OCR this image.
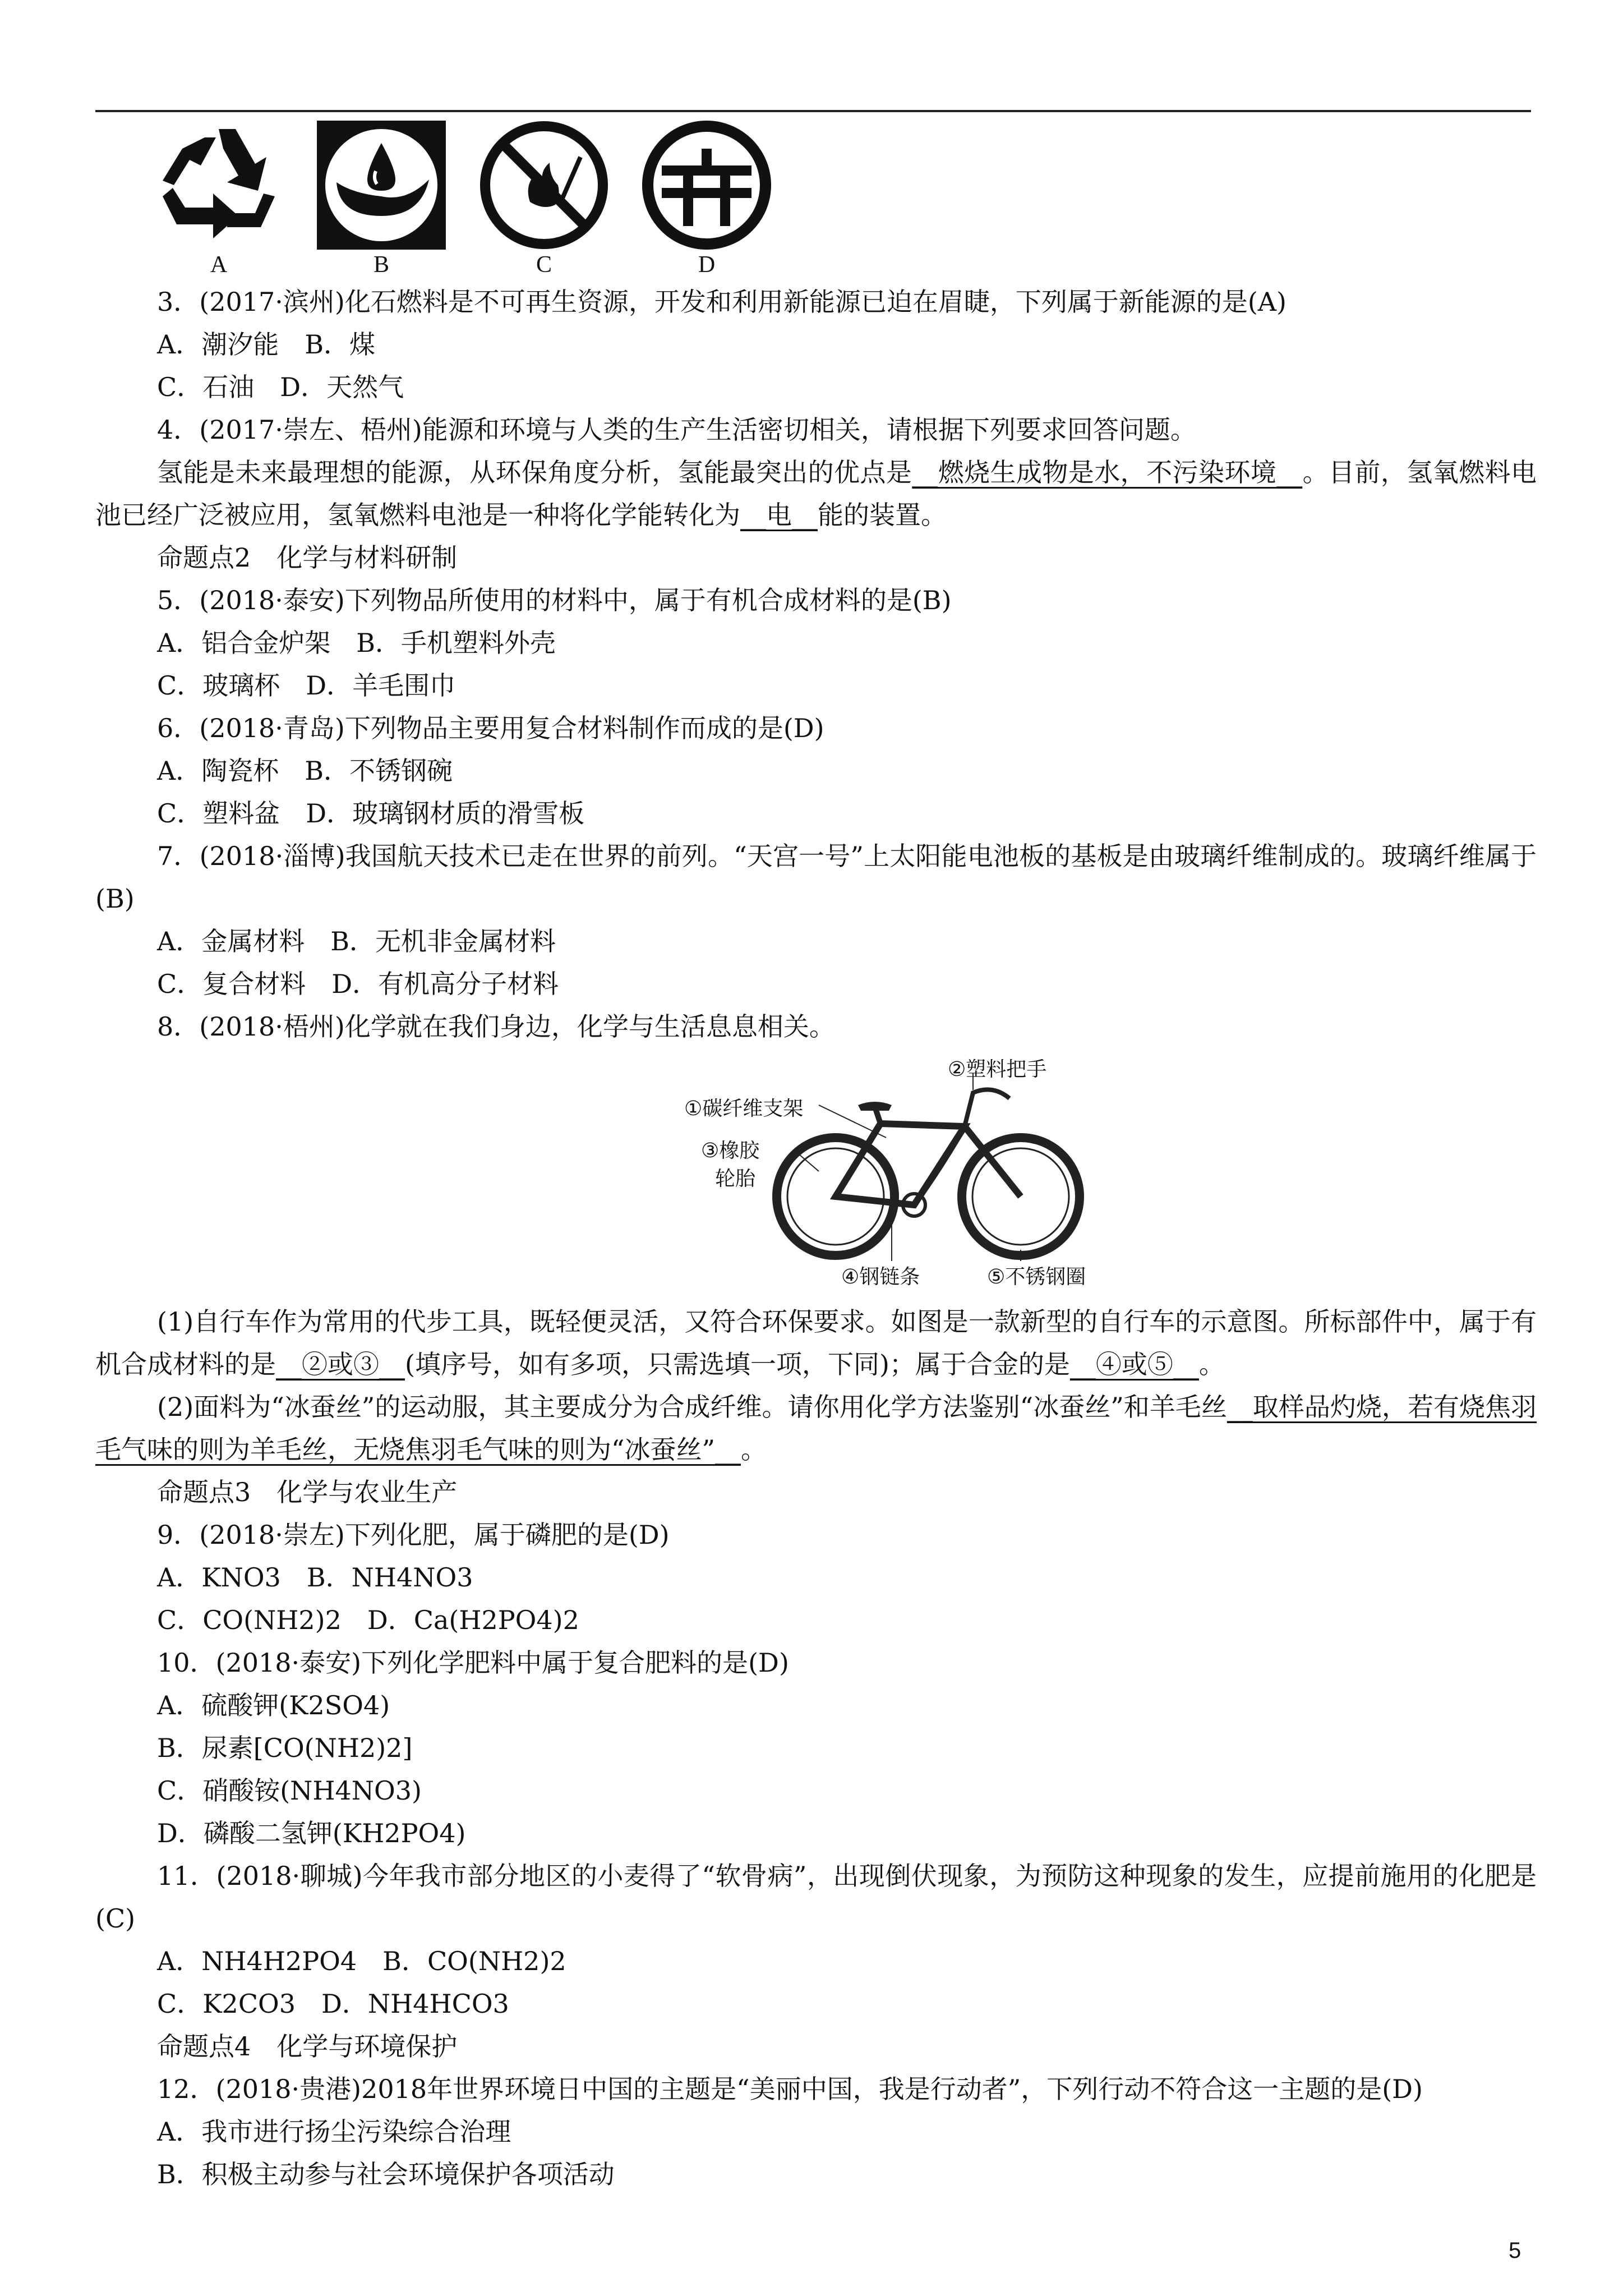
A	B	C	D
3．(2017·滨州)化石燃料是不可再生资源，开发和利用新能源已迫在眉睫，下列属于新能源的是(A)
A．潮汐能　B．煤
C．石油　D．天然气
4．(2017·崇左、梧州)能源和环境与人类的生产生活密切相关，请根据下列要求回答问题。
氢能是未来最理想的能源，从环保角度分析，氢能最突出的优点是__燃烧生成物是水，不污染环境__。目前，氢氧燃料电池已经广泛被应用，氢氧燃料电池是一种将化学能转化为__电__能的装置。
命题点2　化学与材料研制
5．(2018·泰安)下列物品所使用的材料中，属于有机合成材料的是(B)
A．铝合金炉架　B．手机塑料外壳
C．玻璃杯　D．羊毛围巾
6．(2018·青岛)下列物品主要用复合材料制作而成的是(D)
A．陶瓷杯　B．不锈钢碗
C．塑料盆　D．玻璃钢材质的滑雪板
7．(2018·淄博)我国航天技术已走在世界的前列。“天宫一号”上太阳能电池板的基板是由玻璃纤维制成的。玻璃纤维属于(B)
A．金属材料　B．无机非金属材料
C．复合材料　D．有机高分子材料
8．(2018·梧州)化学就在我们身边，化学与生活息息相关。
②塑料把手
①碳纤维支架
③橡胶
轮胎
④钢链条	⑤不锈钢圈
(1)自行车作为常用的代步工具，既轻便灵活，又符合环保要求。如图是一款新型的自行车的示意图。所标部件中，属于有机合成材料的是__②或③__(填序号，如有多项，只需选填一项，下同)；属于合金的是__④或⑤__。
(2)面料为“冰蚕丝”的运动服，其主要成分为合成纤维。请你用化学方法鉴别“冰蚕丝”和羊毛丝__取样品灼烧，若有烧焦羽毛气味的则为羊毛丝，无烧焦羽毛气味的则为“冰蚕丝”__。
命题点3　化学与农业生产
9．(2018·崇左)下列化肥，属于磷肥的是(D)
A．KNO3　B．NH4NO3
C．CO(NH2)2　D．Ca(H2PO4)2
10．(2018·泰安)下列化学肥料中属于复合肥料的是(D)
A．硫酸钾(K2SO4)
B．尿素[CO(NH2)2]
C．硝酸铵(NH4NO3)
D．磷酸二氢钾(KH2PO4)
11．(2018·聊城)今年我市部分地区的小麦得了“软骨病”，出现倒伏现象，为预防这种现象的发生，应提前施用的化肥是(C)
A．NH4H2PO4　B．CO(NH2)2
C．K2CO3　D．NH4HCO3
命题点4　化学与环境保护
12．(2018·贵港)2018年世界环境日中国的主题是“美丽中国，我是行动者”，下列行动不符合这一主题的是(D)
A．我市进行扬尘污染综合治理
B．积极主动参与社会环境保护各项活动
5
